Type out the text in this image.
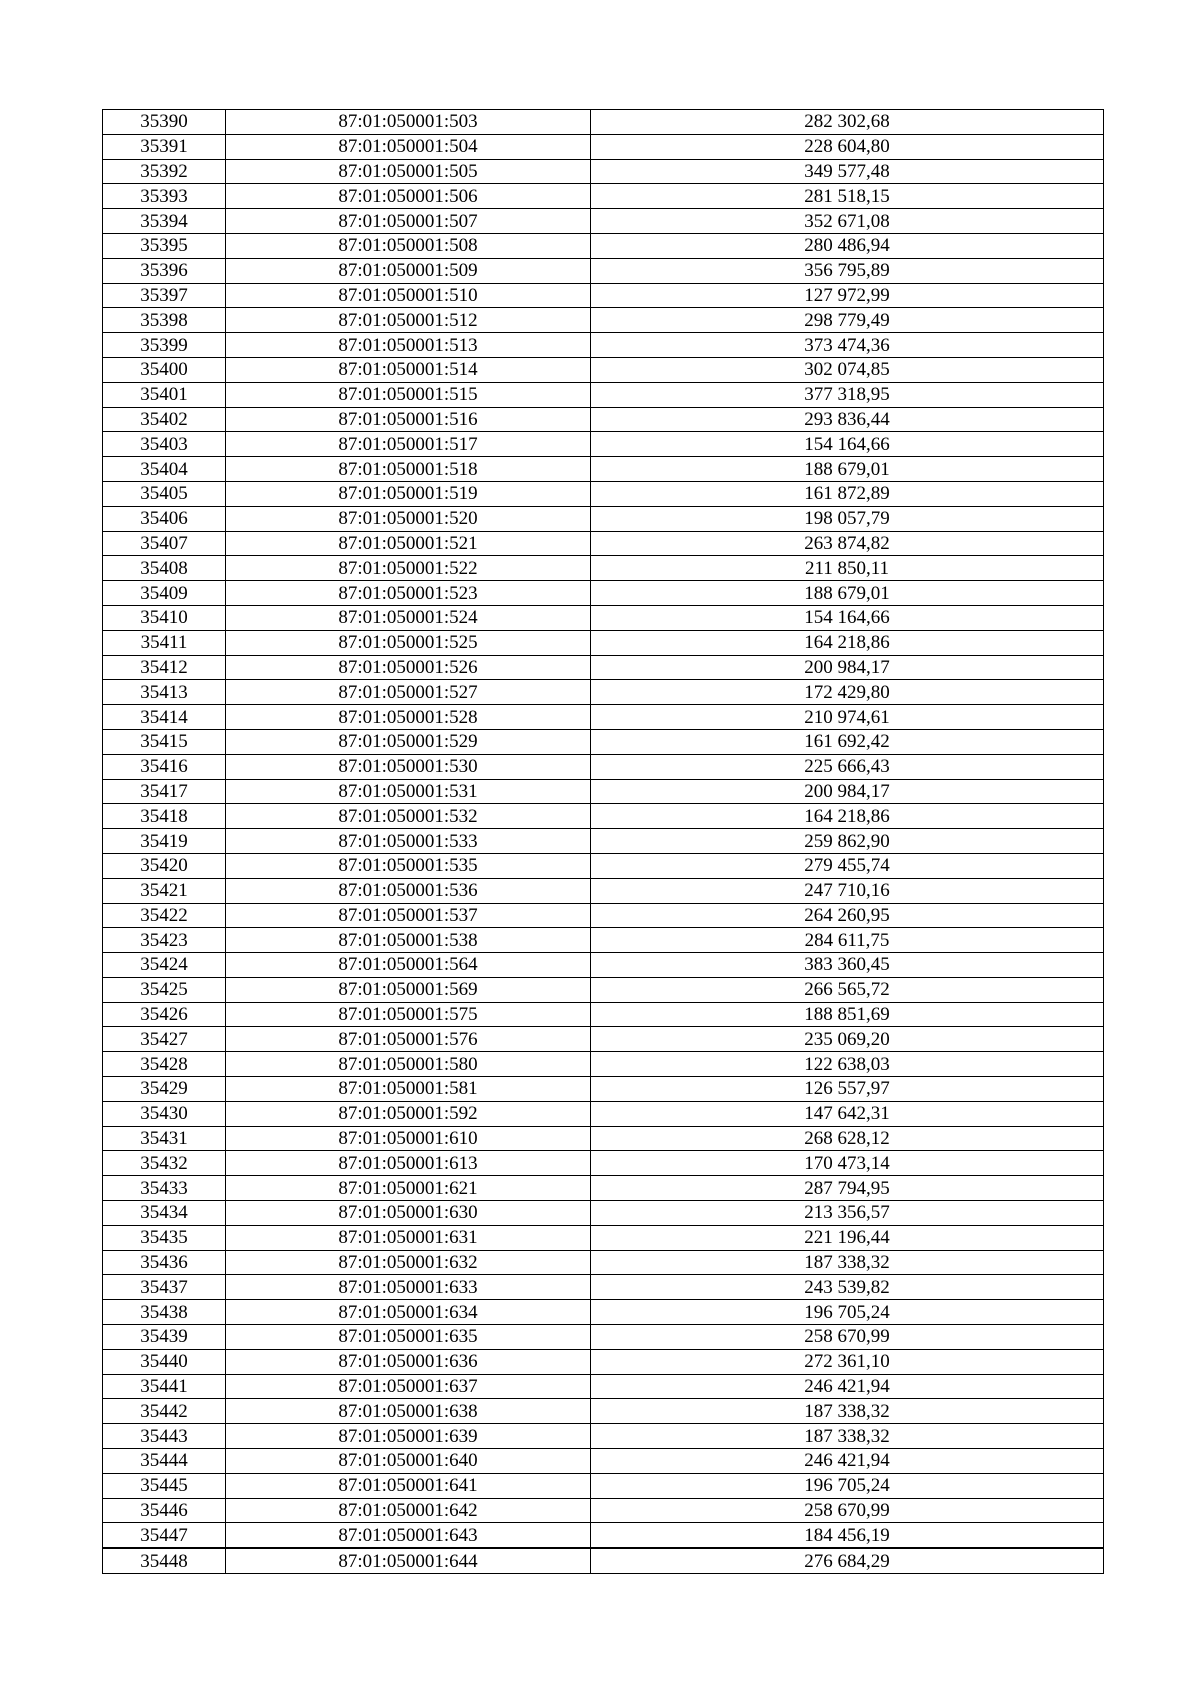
35390	87:01:050001:503	282 302,68
35391	87:01:050001:504	228 604,80
35392	87:01:050001:505	349 577,48
35393	87:01:050001:506	281 518,15
35394	87:01:050001:507	352 671,08
35395	87:01:050001:508	280 486,94
35396	87:01:050001:509	356 795,89
35397	87:01:050001:510	127 972,99
35398	87:01:050001:512	298 779,49
35399	87:01:050001:513	373 474,36
35400	87:01:050001:514	302 074,85
35401	87:01:050001:515	377 318,95
35402	87:01:050001:516	293 836,44
35403	87:01:050001:517	154 164,66
35404	87:01:050001:518	188 679,01
35405	87:01:050001:519	161 872,89
35406	87:01:050001:520	198 057,79
35407	87:01:050001:521	263 874,82
35408	87:01:050001:522	211 850,11
35409	87:01:050001:523	188 679,01
35410	87:01:050001:524	154 164,66
35411	87:01:050001:525	164 218,86
35412	87:01:050001:526	200 984,17
35413	87:01:050001:527	172 429,80
35414	87:01:050001:528	210 974,61
35415	87:01:050001:529	161 692,42
35416	87:01:050001:530	225 666,43
35417	87:01:050001:531	200 984,17
35418	87:01:050001:532	164 218,86
35419	87:01:050001:533	259 862,90
35420	87:01:050001:535	279 455,74
35421	87:01:050001:536	247 710,16
35422	87:01:050001:537	264 260,95
35423	87:01:050001:538	284 611,75
35424	87:01:050001:564	383 360,45
35425	87:01:050001:569	266 565,72
35426	87:01:050001:575	188 851,69
35427	87:01:050001:576	235 069,20
35428	87:01:050001:580	122 638,03
35429	87:01:050001:581	126 557,97
35430	87:01:050001:592	147 642,31
35431	87:01:050001:610	268 628,12
35432	87:01:050001:613	170 473,14
35433	87:01:050001:621	287 794,95
35434	87:01:050001:630	213 356,57
35435	87:01:050001:631	221 196,44
35436	87:01:050001:632	187 338,32
35437	87:01:050001:633	243 539,82
35438	87:01:050001:634	196 705,24
35439	87:01:050001:635	258 670,99
35440	87:01:050001:636	272 361,10
35441	87:01:050001:637	246 421,94
35442	87:01:050001:638	187 338,32
35443	87:01:050001:639	187 338,32
35444	87:01:050001:640	246 421,94
35445	87:01:050001:641	196 705,24
35446	87:01:050001:642	258 670,99
35447	87:01:050001:643	184 456,19
35448	87:01:050001:644	276 684,29
